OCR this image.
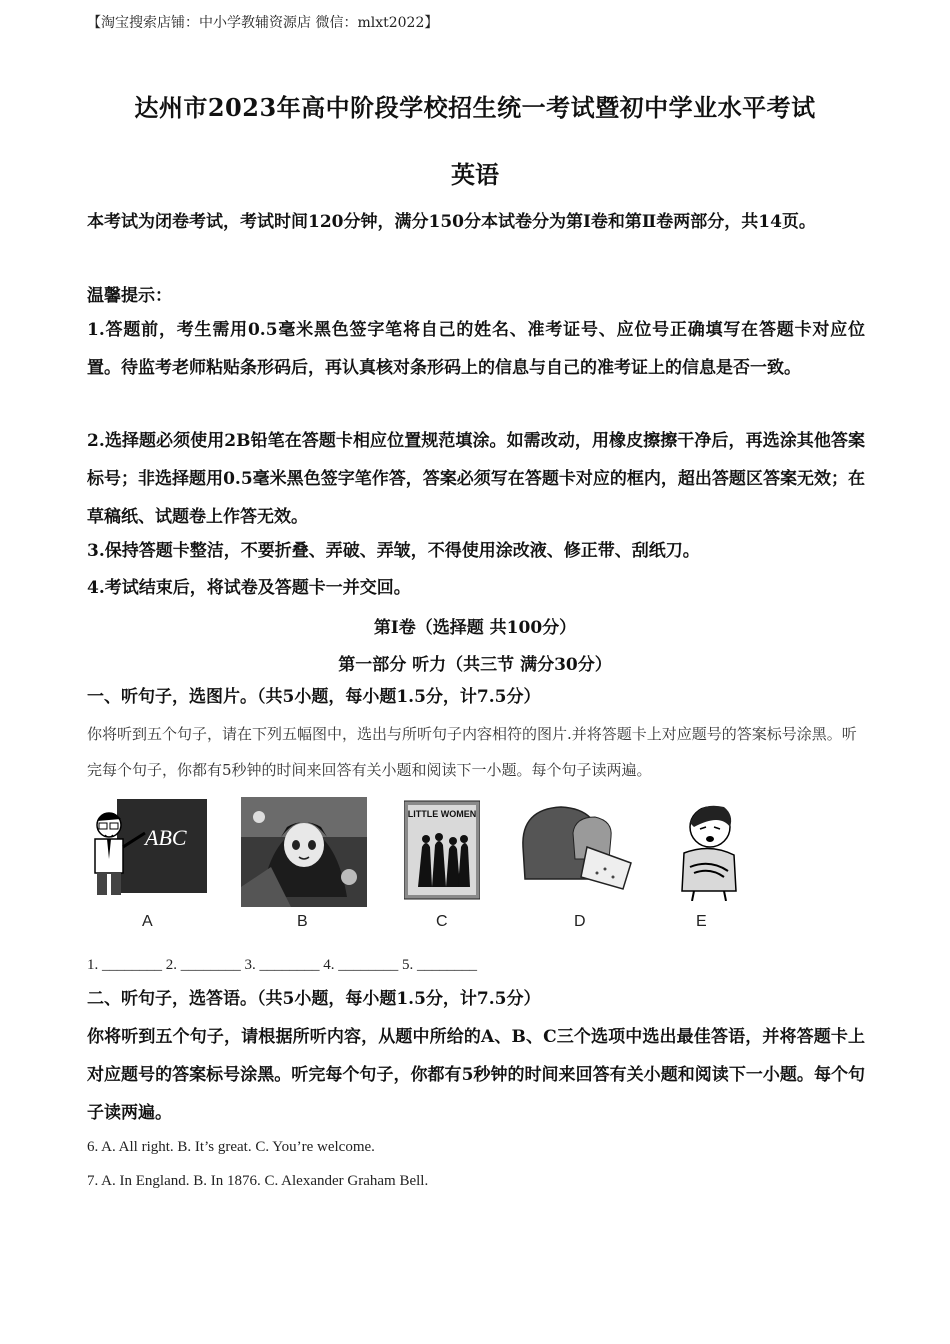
【淘宝搜索店铺：中小学教辅资源店 微信：mlxt2022】
达州市2023年高中阶段学校招生统一考试暨初中学业水平考试
英语
本考试为闭卷考试，考试时间120分钟，满分150分本试卷分为第Ⅰ卷和第Ⅱ卷两部分，共14页。
温馨提示：
1.答题前，考生需用0.5毫米黑色签字笔将自己的姓名、准考证号、应位号正确填写在答题卡对应位置。待监考老师粘贴条形码后，再认真核对条形码上的信息与自己的准考证上的信息是否一致。
2.选择题必须使用2B铅笔在答题卡相应位置规范填涂。如需改动，用橡皮擦擦干净后，再选涂其他答案标号；非选择题用0.5毫米黑色签字笔作答，答案必须写在答题卡对应的框内，超出答题区答案无效；在草稿纸、试题卷上作答无效。
3.保持答题卡整洁，不要折叠、弄破、弄皱，不得使用涂改液、修正带、刮纸刀。
4.考试结束后，将试卷及答题卡一并交回。
第Ⅰ卷（选择题 共100分）
第一部分 听力（共三节 满分30分）
一、听句子，选图片。（共5小题，每小题1.5分，计7.5分）
你将听到五个句子，请在下列五幅图中，选出与所听句子内容相符的图片.并将答题卡上对应题号的答案标号涂黑。听完每个句子，你都有5秒钟的时间来回答有关小题和阅读下一小题。每个句子读两遍。
ABC
A	B
LITTLE WOMEN
C	D	E
1. ________ 2. ________ 3. ________ 4. ________ 5. ________
二、听句子，选答语。（共5小题，每小题1.5分，计7.5分）
你将听到五个句子，请根据所听内容，从题中所给的A、B、C三个选项中选出最佳答语，并将答题卡上对应题号的答案标号涂黑。听完每个句子，你都有5秒钟的时间来回答有关小题和阅读下一小题。每个句子读两遍。
6. A. All right. B. It’s great. C. You’re welcome.
7. A. In England. B. In 1876. C. Alexander Graham Bell.
